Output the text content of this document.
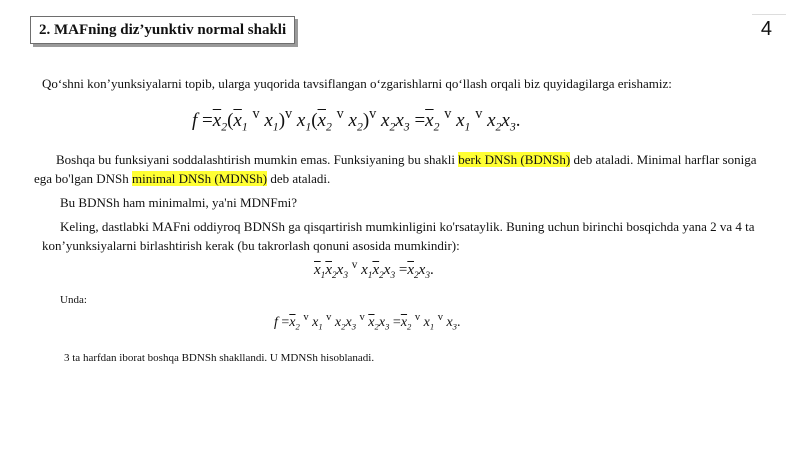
2. MAFning diz’yunktiv normal shakli	4
Qo‘shni kon’yunksiyalarni topib, ularga yuqorida tavsiflangan o‘zgarishlarni qo‘llash orqali biz quyidagilarga erishamiz:
$f =\overline{x}_2(\overline{x}_1$ $^v$ $x_1)^v$ $x_1(\overline{x}_2$ $^v$ $x_2)^v$ $x_2x_3 =\overline{x}_2$ $^v$ $x_1$ $^v$ $x_2x_3$.
Boshqa bu funksiyani soddalashtirish mumkin emas. Funksiyaning bu shakli berk DNSh (BDNSh) deb ataladi. Minimal harflar soniga ega bo'lgan DNSh minimal DNSh (MDNSh) deb ataladi.
Bu BDNSh ham minimalmi, ya'ni MDNFmi?
Keling, dastlabki MAFni oddiyroq BDNSh ga qisqartirish mumkinligini ko'rsataylik. Buning uchun birinchi bosqichda yana 2 va 4 ta kon’yunksiyalarni birlashtirish kerak (bu takrorlash qonuni asosida mumkindir):
$\overline{x}_1\overline{x}_2x_3$ $^v$ $x_1\overline{x}_2x_3 =\overline{x}_2x_3$.
Unda:
$f =\overline{x}_2$ $^v$ $x_1$ $^v$ $x_2x_3$ $^v$ $\overline{x}_2x_3 =\overline{x}_2$ $^v$ $x_1$ $^v$ $x_3$.
3 ta harfdan iborat boshqa BDNSh shakllandi. U MDNSh hisoblanadi.
